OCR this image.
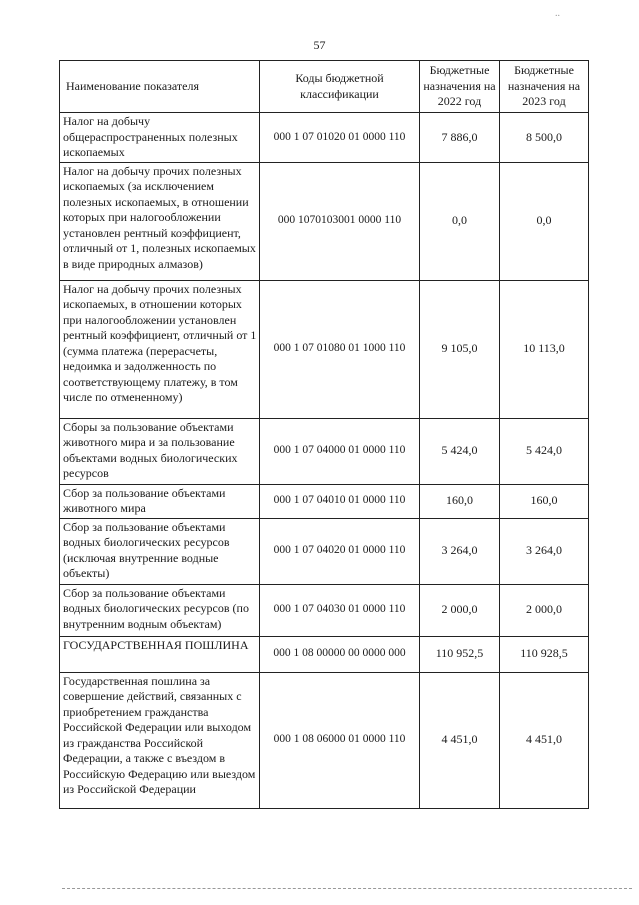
..
57
Наименование показателя	Коды бюджетной классификации	Бюджетные назначения на 2022 год	Бюджетные назначения на 2023 год
Налог на добычу общераспространенных полезных ископаемых	000 1 07 01020 01 0000 110	7 886,0	8 500,0
Налог на добычу прочих полезных ископаемых (за исключением полезных ископаемых, в отношении которых при налогообложении установлен рентный коэффициент, отличный от 1, полезных ископаемых в виде природных алмазов)	000 1070103001 0000 110	0,0	0,0
Налог на добычу прочих полезных ископаемых, в отношении которых при налогообложении установлен рентный коэффициент, отличный от 1 (сумма платежа (перерасчеты, недоимка и задолженность по соответствующему платежу, в том числе по отмененному)	000 1 07 01080 01 1000 110	9 105,0	10 113,0
Сборы за пользование объектами животного мира и за пользование объектами водных биологических ресурсов	000 1 07 04000 01 0000 110	5 424,0	5 424,0
Сбор за пользование объектами животного мира	000 1 07 04010 01 0000 110	160,0	160,0
Сбор за пользование объектами водных биологических ресурсов (исключая внутренние водные объекты)	000 1 07 04020 01 0000 110	3 264,0	3 264,0
Сбор за пользование объектами водных биологических ресурсов (по внутренним водным объектам)	000 1 07 04030 01 0000 110	2 000,0	2 000,0
ГОСУДАРСТВЕННАЯ ПОШЛИНА	000 1 08 00000 00 0000 000	110 952,5	110 928,5
Государственная пошлина за совершение действий, связанных с приобретением гражданства Российской Федерации или выходом из гражданства Российской Федерации, а также с въездом в Российскую Федерацию или выездом из Российской Федерации	000 1 08 06000 01 0000 110	4 451,0	4 451,0
